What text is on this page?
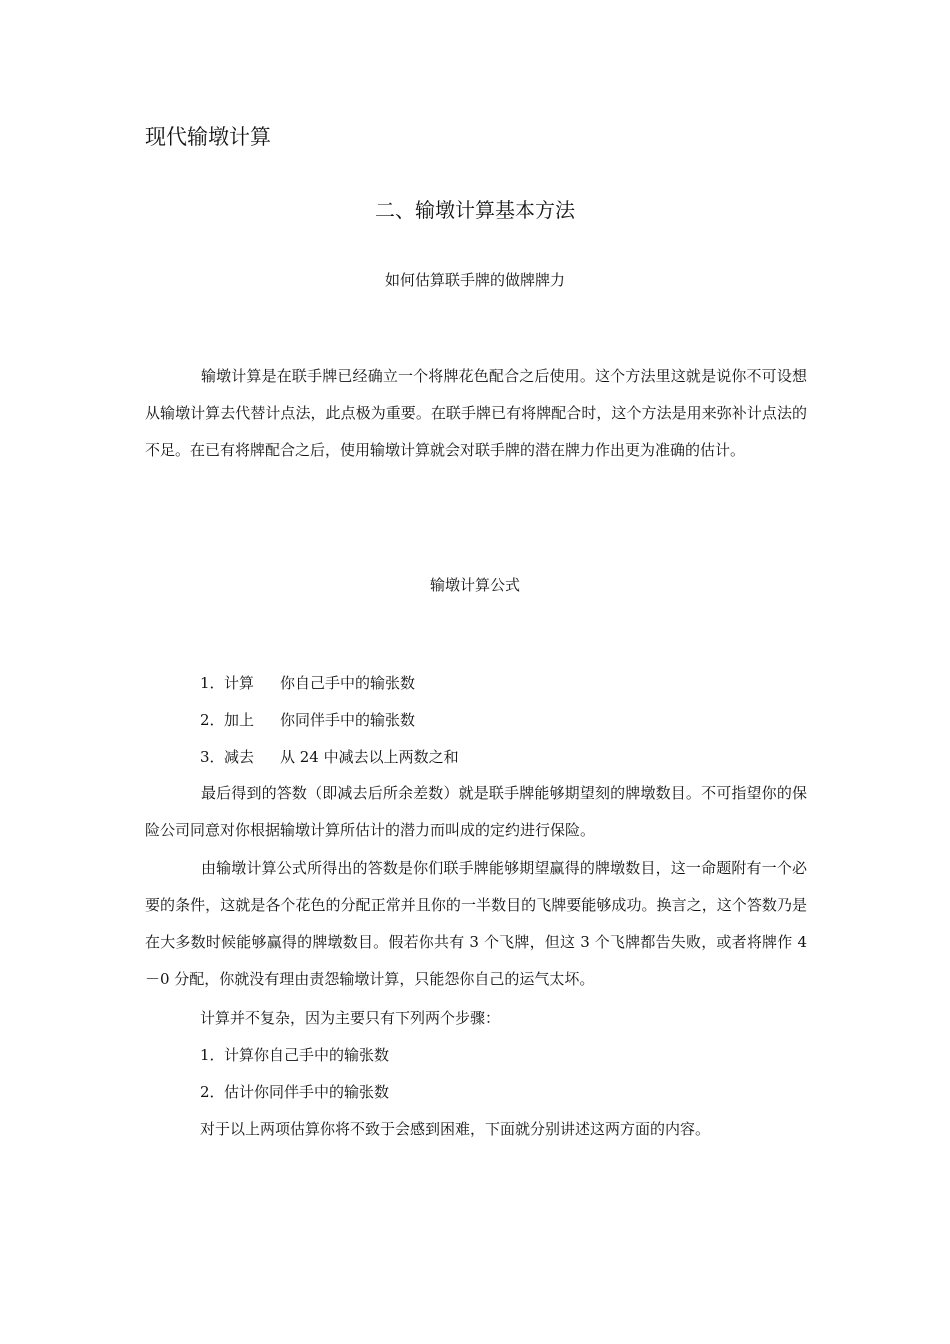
现代输墩计算
二、输墩计算基本方法
如何估算联手牌的做牌牌力

输墩计算是在联手牌已经确立一个将牌花色配合之后使用。这个方法里这就是说你不可设想从输墩计算去代替计点法，此点极为重要。在联手牌已有将牌配合时，这个方法是用来弥补计点法的不足。在已有将牌配合之后，使用输墩计算就会对联手牌的潜在牌力作出更为准确的估计。

输墩计算公式
1．计算 你自己手中的输张数
2．加上 你同伴手中的输张数
3．减去 从 24 中减去以上两数之和

最后得到的答数（即减去后所余差数）就是联手牌能够期望刻的牌墩数目。不可指望你的保险公司同意对你根据输墩计算所估计的潜力而叫成的定约进行保险。

由输墩计算公式所得出的答数是你们联手牌能够期望赢得的牌墩数目，这一命题附有一个必要的条件，这就是各个花色的分配正常并且你的一半数目的飞牌要能够成功。换言之，这个答数乃是在大多数时候能够赢得的牌墩数目。假若你共有 3 个飞牌，但这 3 个飞牌都告失败，或者将牌作 4－0 分配，你就没有理由责怨输墩计算，只能怨你自己的运气太坏。

计算并不复杂，因为主要只有下列两个步骤：
1．计算你自己手中的输张数
2．估计你同伴手中的输张数
对于以上两项估算你将不致于会感到困难，下面就分别讲述这两方面的内容。
